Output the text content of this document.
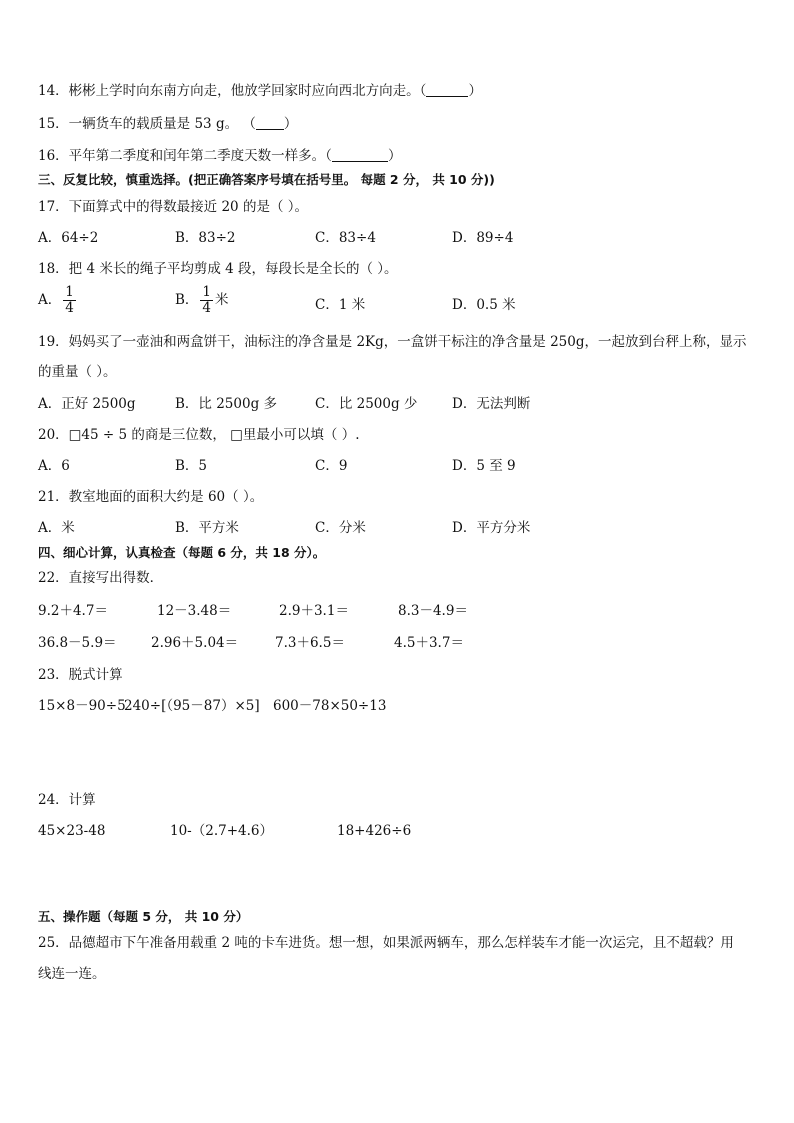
14．彬彬上学时向东南方向走，他放学回家时应向西北方向走。（	）
15．一辆货车的载质量是 53 g。 （ ）
16．平年第二季度和闰年第二季度天数一样多。（	）
三、反复比较，慎重选择。(把正确答案序号填在括号里。 每题 2 分， 共 10 分))
17．下面算式中的得数最接近 20 的是（ ）。
A．64÷2	B．83÷2	C．83÷4	D．89÷4
18．把 4 米长的绳子平均剪成 4 段，每段长是全长的（ ）。
A． $\frac{1}{4}$	B． $\frac{1}{4}$ 米	C．1 米	D．0.5 米
19．妈妈买了一壶油和两盒饼干，油标注的净含量是 2Kg，一盒饼干标注的净含量是 250g，一起放到台秤上称，显示
的重量（ ）。
A．正好 2500g	B．比 2500g 多	C．比 2500g 少	D．无法判断
20．□45 ÷ 5 的商是三位数， □里最小可以填（ ）.
A．6	B．5	C．9	D．5 至 9
21．教室地面的面积大约是 60（ ）。
A．米	B．平方米	C．分米	D．平方分米
四、细心计算，认真检查（每题 6 分，共 18 分）。
22．直接写出得数．
9.2＋4.7＝	12－3.48＝	2.9＋3.1＝	8.3－4.9＝
36.8－5.9＝	2.96＋5.04＝	7.3＋6.5＝	4.5＋3.7＝
23．脱式计算
15×8－90÷5
240÷[（95－87）×5] 600－78×50÷13
24．计算
45×23-48	10-（2.7+4.6）	18+426÷6
五、操作题（每题 5 分， 共 10 分）
25．品德超市下午准备用载重 2 吨的卡车进货。想一想，如果派两辆车，那么怎样装车才能一次运完，且不超载？用
线连一连。
